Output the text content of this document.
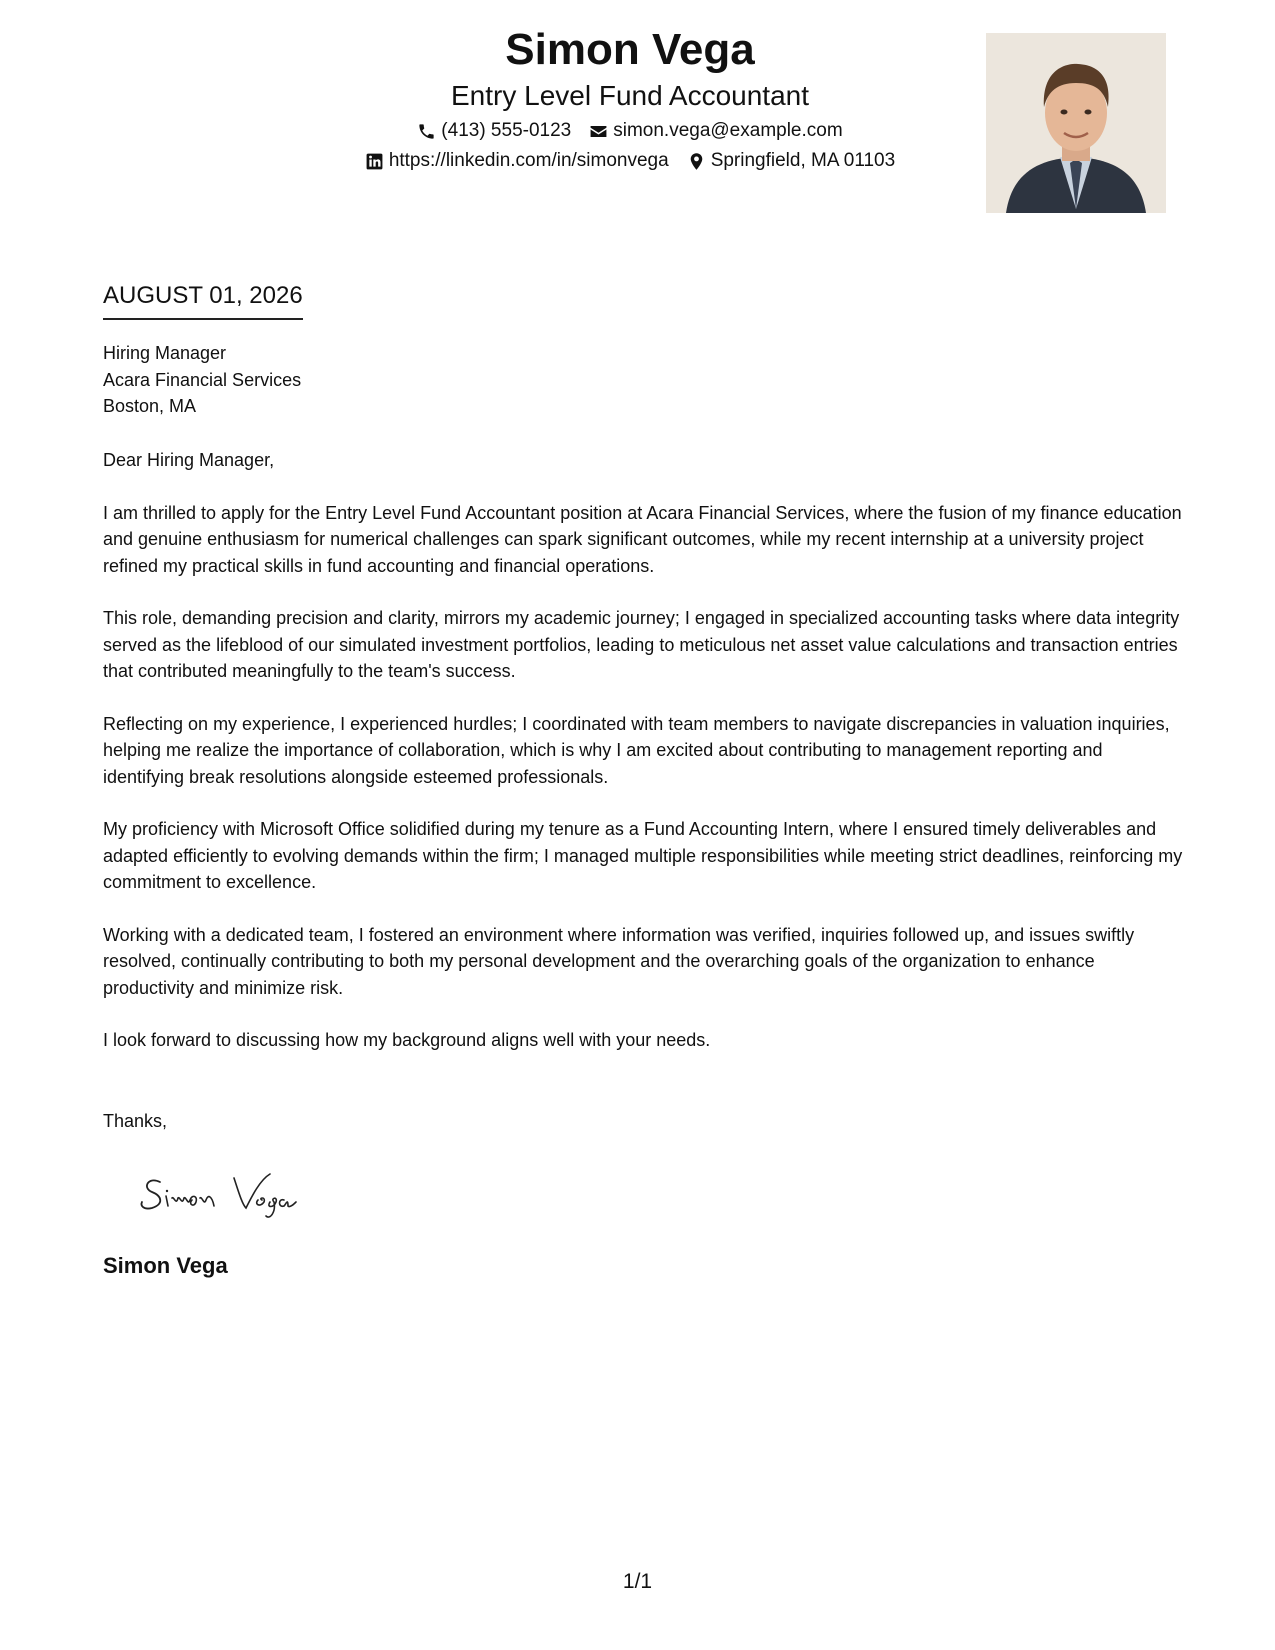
Simon Vega
Entry Level Fund Accountant
(413) 555-0123 simon.vega@example.com
https://linkedin.com/in/simonvega Springfield, MA 01103
AUGUST 01, 2026
Hiring Manager
Acara Financial Services
Boston, MA

Dear Hiring Manager,

I am thrilled to apply for the Entry Level Fund Accountant position at Acara Financial Services, where the fusion of my finance education and genuine enthusiasm for numerical challenges can spark significant outcomes, while my recent internship at a university project refined my practical skills in fund accounting and financial operations.

This role, demanding precision and clarity, mirrors my academic journey; I engaged in specialized accounting tasks where data integrity served as the lifeblood of our simulated investment portfolios, leading to meticulous net asset value calculations and transaction entries that contributed meaningfully to the team's success.

Reflecting on my experience, I experienced hurdles; I coordinated with team members to navigate discrepancies in valuation inquiries, helping me realize the importance of collaboration, which is why I am excited about contributing to management reporting and identifying break resolutions alongside esteemed professionals.

My proficiency with Microsoft Office solidified during my tenure as a Fund Accounting Intern, where I ensured timely deliverables and adapted efficiently to evolving demands within the firm; I managed multiple responsibilities while meeting strict deadlines, reinforcing my commitment to excellence.

Working with a dedicated team, I fostered an environment where information was verified, inquiries followed up, and issues swiftly resolved, continually contributing to both my personal development and the overarching goals of the organization to enhance productivity and minimize risk.

I look forward to discussing how my background aligns well with your needs.

Thanks,
Simon Vega
1/1
